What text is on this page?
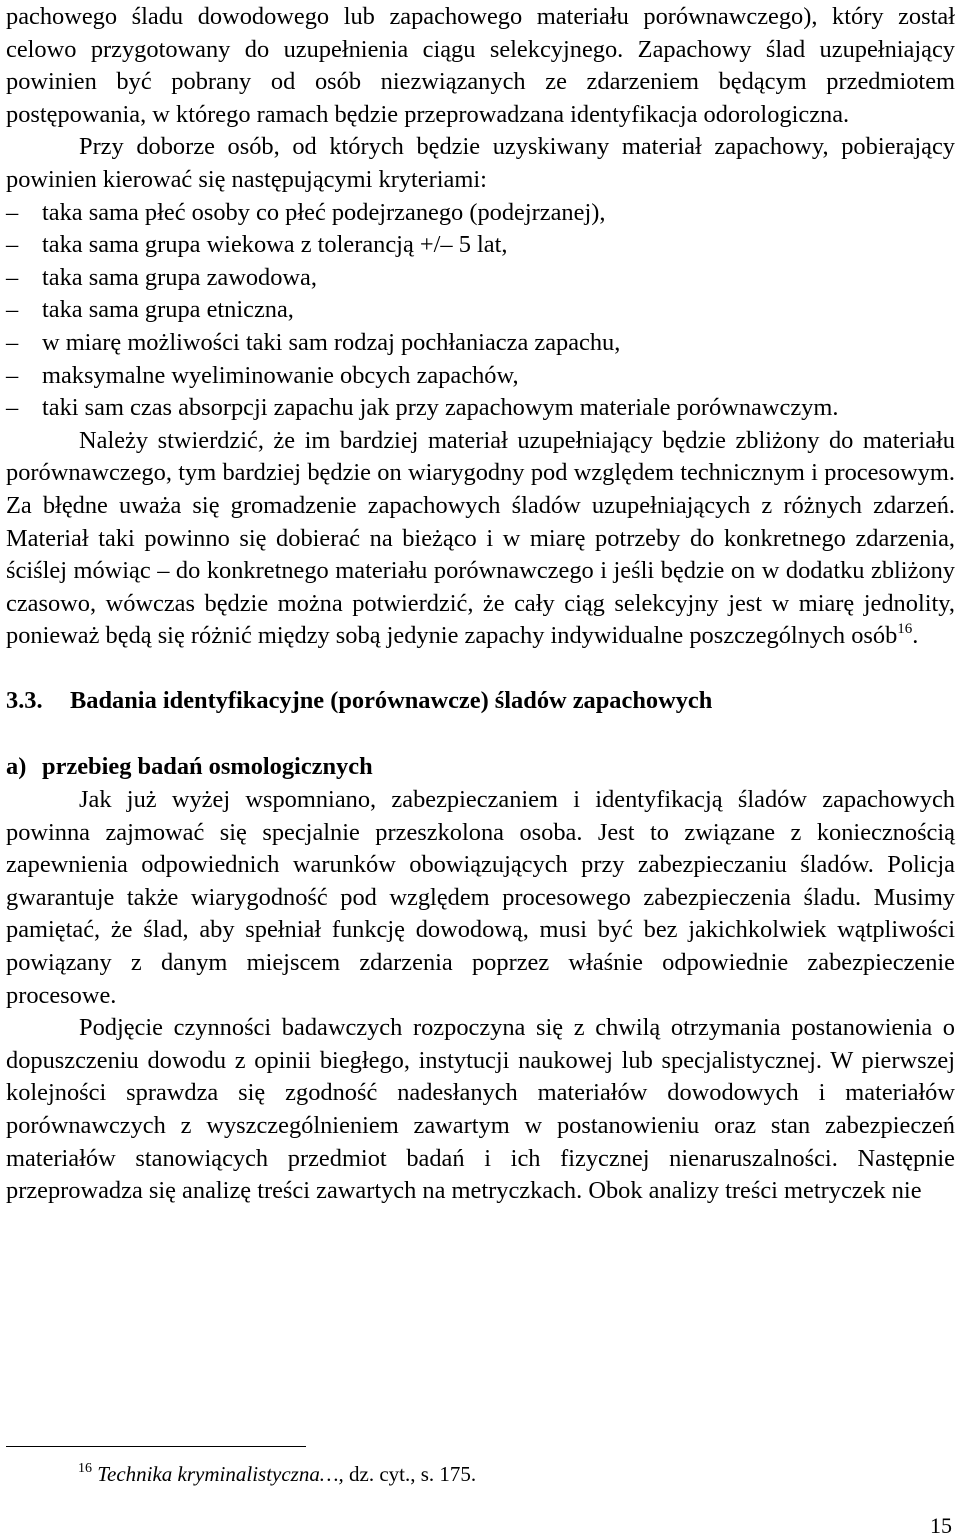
pachowego śladu dowodowego lub zapachowego materiału porównawczego), który został celowo przygotowany do uzupełnienia ciągu selekcyjnego. Zapachowy ślad uzupełniający powinien być pobrany od osób niezwiązanych ze zdarzeniem będącym przedmiotem postępowania, w którego ramach będzie przeprowadzana identyfikacja odorologiczna.

Przy doborze osób, od których będzie uzyskiwany materiał zapachowy, pobierający powinien kierować się następującymi kryteriami:

– taka sama płeć osoby co płeć podejrzanego (podejrzanej),
– taka sama grupa wiekowa z tolerancją +/– 5 lat,
– taka sama grupa zawodowa,
– taka sama grupa etniczna,
– w miarę możliwości taki sam rodzaj pochłaniacza zapachu,
– maksymalne wyeliminowanie obcych zapachów,
– taki sam czas absorpcji zapachu jak przy zapachowym materiale porównawczym.

Należy stwierdzić, że im bardziej materiał uzupełniający będzie zbliżony do materiału porównawczego, tym bardziej będzie on wiarygodny pod względem technicznym i procesowym. Za błędne uważa się gromadzenie zapachowych śladów uzupełniających z różnych zdarzeń. Materiał taki powinno się dobierać na bieżąco i w miarę potrzeby do konkretnego zdarzenia, ściślej mówiąc – do konkretnego materiału porównawczego i jeśli będzie on w dodatku zbliżony czasowo, wówczas będzie można potwierdzić, że cały ciąg selekcyjny jest w miarę jednolity, ponieważ będą się różnić między sobą jedynie zapachy indywidualne poszczególnych osób$^{16}$.

3.3. Badania identyfikacyjne (porównawcze) śladów zapachowych
a) przebieg badań osmologicznych

Jak już wyżej wspomniano, zabezpieczaniem i identyfikacją śladów zapachowych powinna zajmować się specjalnie przeszkolona osoba. Jest to związane z koniecznością zapewnienia odpowiednich warunków obowiązujących przy zabezpieczaniu śladów. Policja gwarantuje także wiarygodność pod względem procesowego zabezpieczenia śladu. Musimy pamiętać, że ślad, aby spełniał funkcję dowodową, musi być bez jakichkolwiek wątpliwości powiązany z danym miejscem zdarzenia poprzez właśnie odpowiednie zabezpieczenie procesowe.

Podjęcie czynności badawczych rozpoczyna się z chwilą otrzymania postanowienia o dopuszczeniu dowodu z opinii biegłego, instytucji naukowej lub specjalistycznej. W pierwszej kolejności sprawdza się zgodność nadesłanych materiałów dowodowych i materiałów porównawczych z wyszczególnieniem zawartym w postanowieniu oraz stan zabezpieczeń materiałów stanowiących przedmiot badań i ich fizycznej nienaruszalności. Następnie przeprowadza się analizę treści zawartych na metryczkach. Obok analizy treści metryczek nie

$^{16}$ Technika kryminalistyczna…, dz. cyt., s. 175.
15
